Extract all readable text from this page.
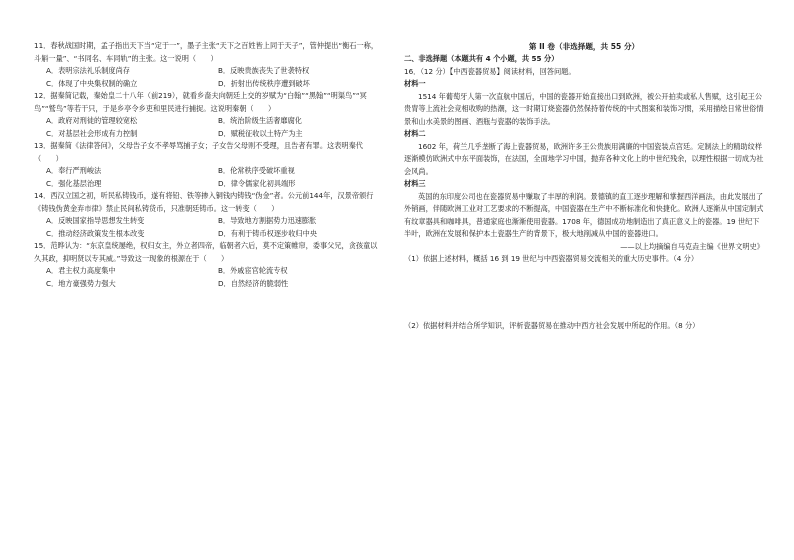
11．春秋战国时期，孟子指出天下当“定于一”，墨子主张“天下之百姓皆上同于天子”，管仲提出“衡石一称，斗斛一量”、“书同名、车同轨”的主张。这一说明（　　）
A．表明宗法礼乐制度尚存	B．反映贵族丧失了世袭特权
C．体现了中央集权制的确立	D．折射出传统秩序遭到破坏
12．据秦简记载，秦始皇二十八年（前219），就看乡啬夫向朝廷上交的岁赋为“白翰”“黑翰”“明渠鸟”“冥鸟”“鹫鸟”等若干只，于是乡亭令乡吏和里民进行捕捉。这说明秦朝（　　）
A．政府对刑徒的管理较宽松	B．统治阶级生活奢靡腐化
C．对基层社会形成有力控制	D．赋税征收以土特产为主
13．据秦简《法律答问》，父母告子女不孝辱骂捕子女；子女告父母则不受理，且告者有罪。这表明秦代（　　）
A．奉行严刑峻法	B．伦常秩序受破坏重视
C．强化基层治理	D．律令儒家化初具端形
14．西汉立国之初，听民私铸钱币，遂有将铅、铁等掺入铜钱内铸钱“伪金”者。公元前144年，汉景帝颁行《铸钱伪黄金弃市律》禁止民间私铸货币，只准朝廷铸币。这一转变（　　）
A．反映国家指导思想发生转变	B．导致地方割据势力迅速膨胀
C．推动经济政策发生根本改变	D．有利于铸币权逐步收归中央
15．范晔认为：“东京皇统屡绝，权归女主，外立者四帝，临朝者六后，莫不定策帷帘，委事父兄，贪孩童以久其政，抑明贤以专其威。”导致这一现象的根源在于（　　）
A．君主权力高度集中	B．外戚宦官轮流专权
C．地方豪强势力强大	D．自然经济的脆弱性
第 II 卷（非选择题，共 55 分）
二、非选择题（本题共有 4 个小题，共 55 分）
16．（12 分）【中西瓷器贸易】阅读材料，回答问题。
材料一
1514 年葡萄牙人第一次直航中国后，中国的瓷器开始直接出口到欧洲，被公开拍卖或私人售赋，这引起王公贵胄等上流社会竞相收购的热潮，这一时期订烧瓷器仍然保持着传统的中式图案和装饰习惯，采用描绘日常世俗情景和山水美景的图画、酒瓶与瓷器的装饰手法。
材料二
1602 年，荷兰几乎垄断了海上瓷器贸易，欧洲许多王公贵族用满廉的中国瓷装点宫廷。定制法上的精助纹样逐渐模仿欧洲式中东平面装饰，在法国，全面地学习中国，抛弃各种文化上的中世纪残余，以理性根据一切成为社会风尚。
材料三
英国的东印度公司也在瓷器贸易中赚取了丰厚的利润。景德镇的直工逐步理解和掌握西洋画法，由此发展出了外销画，伴随欧洲工业对工艺要求的不断提高，中国瓷器在生产中不断标准化和快捷化。欧洲人逐渐从中国定制式有纹章器具和咖啡具，普通家庭也渐渐使用瓷器。1708 年，德国成功地制造出了真正意义上的瓷器。19 世纪下半叶，欧洲在发展和保护本土瓷器生产的背景下，极大地削减从中国的瓷器进口。
——以上均摘编自马克垚主编《世界文明史》
（1）依据上述材料，概括 16 到 19 世纪与中西瓷器贸易交流相关的重大历史事件。（4 分）
（2）依据材料并结合所学知识，评析瓷器贸易在推动中西方社会发展中所起的作用。（8 分）
